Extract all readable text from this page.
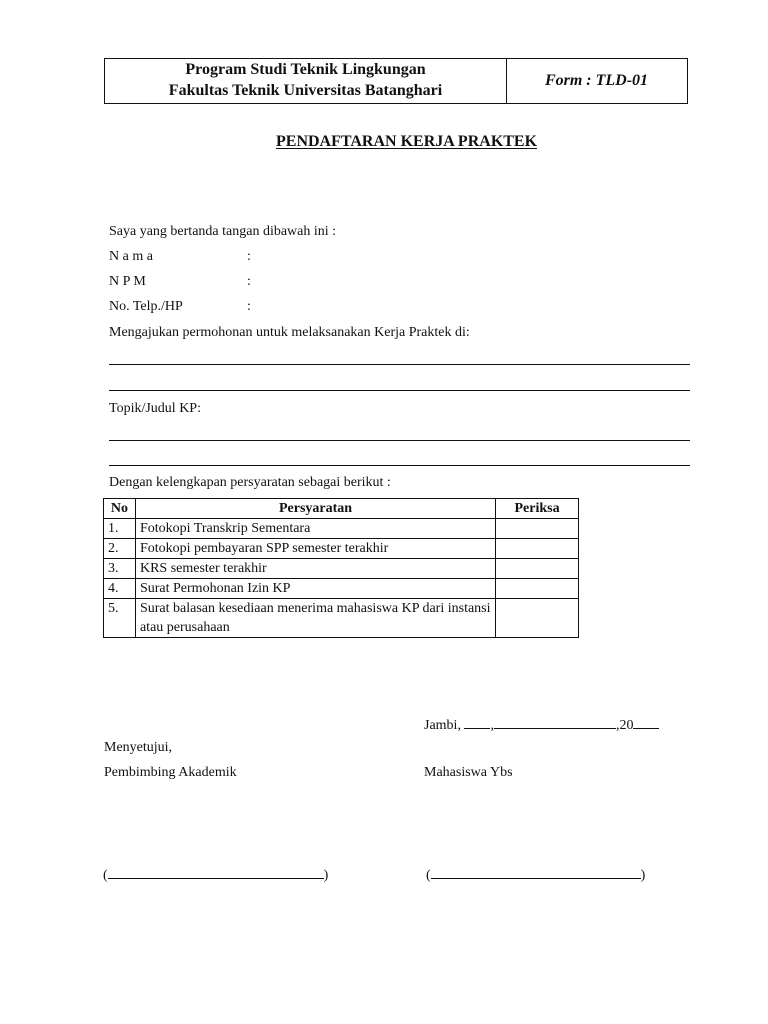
Program Studi Teknik Lingkungan
Fakultas Teknik Universitas Batanghari
Form : TLD-01
PENDAFTARAN KERJA PRAKTEK
Saya yang bertanda tangan dibawah ini :
N a m a	:
N P M	:
No. Telp./HP	:
Mengajukan permohonan untuk melaksanakan Kerja Praktek di:
Topik/Judul KP:
Dengan kelengkapan persyaratan sebagai berikut :
No	Persyaratan	Periksa
1.	Fotokopi Transkrip Sementara	
2.	Fotokopi pembayaran SPP semester terakhir	
3.	KRS semester terakhir	
4.	Surat Permohonan Izin KP	
5.	Surat balasan kesediaan menerima mahasiswa KP dari instansi atau perusahaan	
Jambi, ,	,20
Menyetujui,
Pembimbing Akademik	Mahasiswa Ybs
(	)	(	)
